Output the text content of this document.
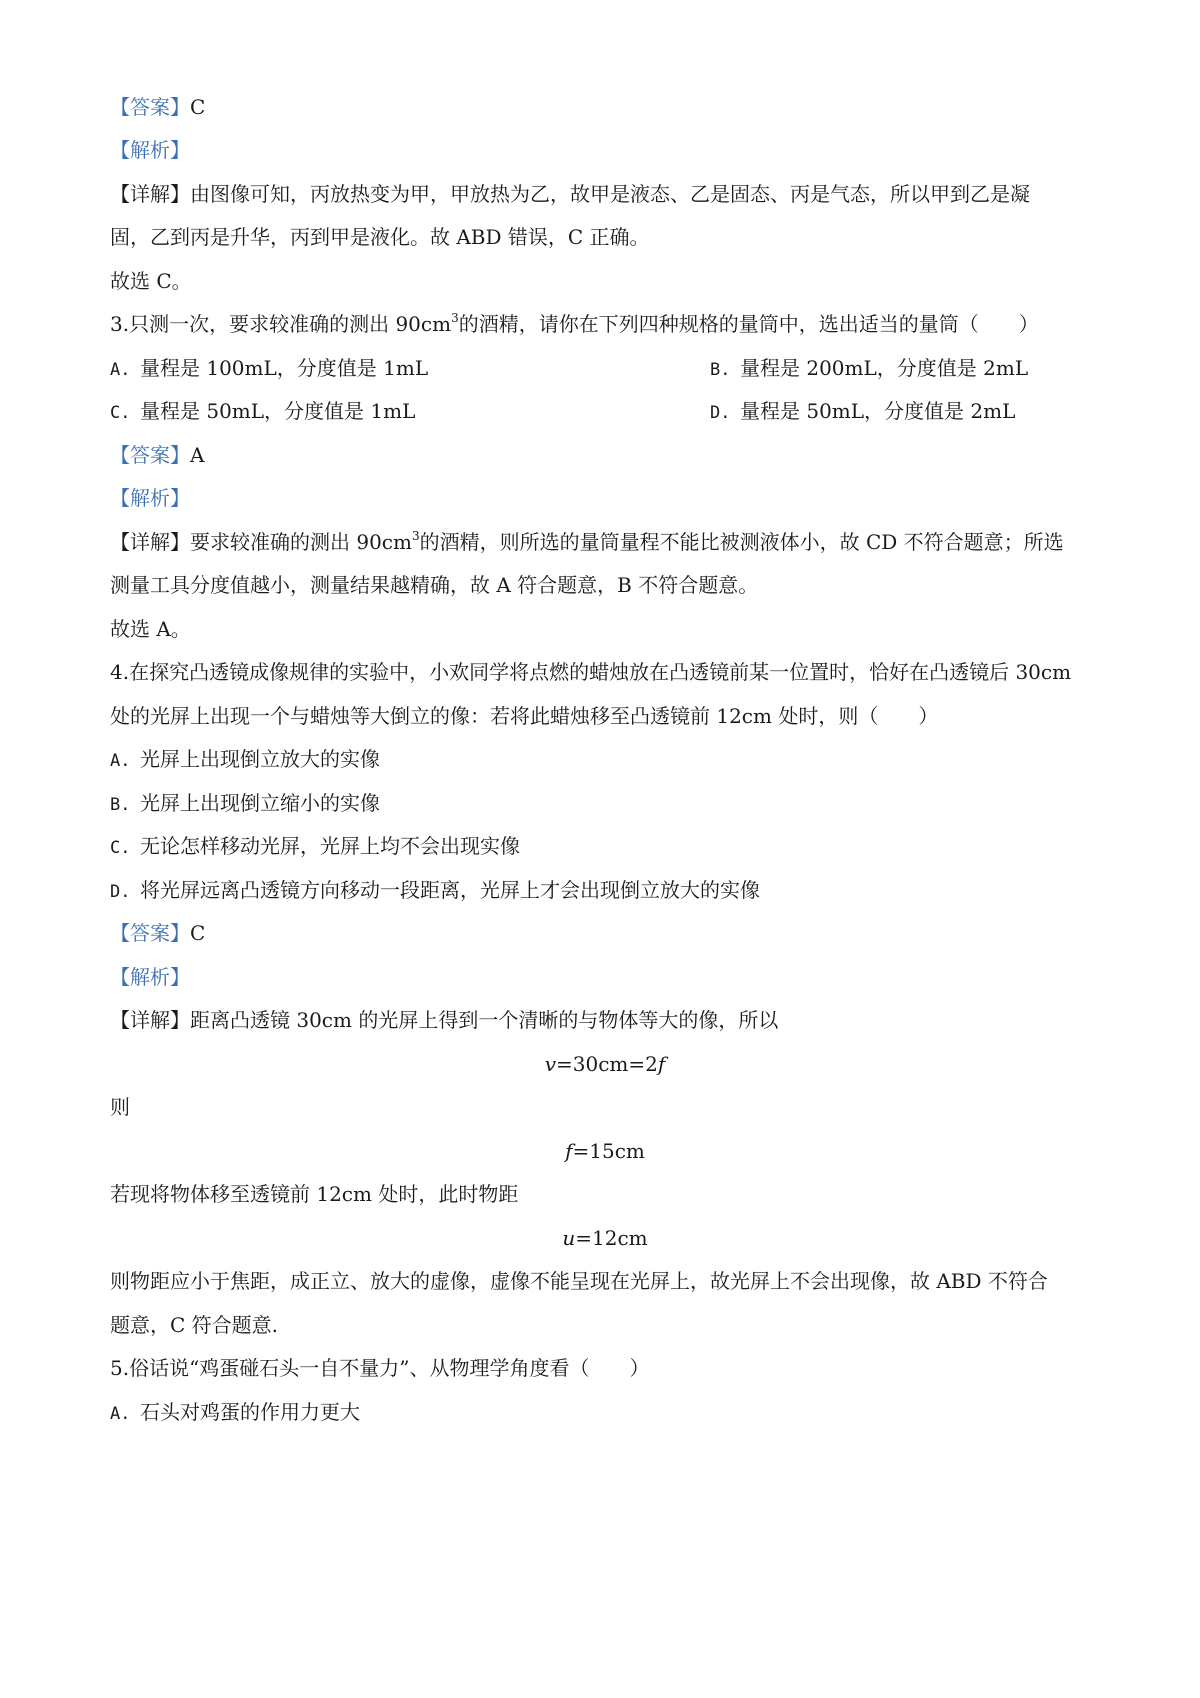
【答案】C
【解析】
【详解】由图像可知，丙放热变为甲，甲放热为乙，故甲是液态、乙是固态、丙是气态，所以甲到乙是凝
固，乙到丙是升华，丙到甲是液化。故 ABD 错误，C 正确。
故选 C。
3.只测一次，要求较准确的测出 $90cm^3$的酒精，请你在下列四种规格的量筒中，选出适当的量筒（　　）
A. 量程是 100mL，分度值是 1mL	B. 量程是 200mL，分度值是 2mL
C. 量程是 50mL，分度值是 1mL	D. 量程是 50mL，分度值是 2mL
【答案】A
【解析】
【详解】要求较准确的测出 $90cm^3$的酒精，则所选的量筒量程不能比被测液体小，故 CD 不符合题意；所选
测量工具分度值越小，测量结果越精确，故 A 符合题意，B 不符合题意。
故选 A。
4.在探究凸透镜成像规律的实验中，小欢同学将点燃的蜡烛放在凸透镜前某一位置时，恰好在凸透镜后 30cm
处的光屏上出现一个与蜡烛等大倒立的像：若将此蜡烛移至凸透镜前 12cm 处时，则（　　）
A. 光屏上出现倒立放大的实像
B. 光屏上出现倒立缩小的实像
C. 无论怎样移动光屏，光屏上均不会出现实像
D. 将光屏远离凸透镜方向移动一段距离，光屏上才会出现倒立放大的实像
【答案】C
【解析】
【详解】距离凸透镜 30cm 的光屏上得到一个清晰的与物体等大的像，所以
v=30cm=2f
则
f=15cm
若现将物体移至透镜前 12cm 处时，此时物距
u=12cm
则物距应小于焦距，成正立、放大的虚像，虚像不能呈现在光屏上，故光屏上不会出现像，故 ABD 不符合
题意，C 符合题意.
5.俗话说“鸡蛋碰石头一自不量力”、从物理学角度看（　　）
A. 石头对鸡蛋的作用力更大
